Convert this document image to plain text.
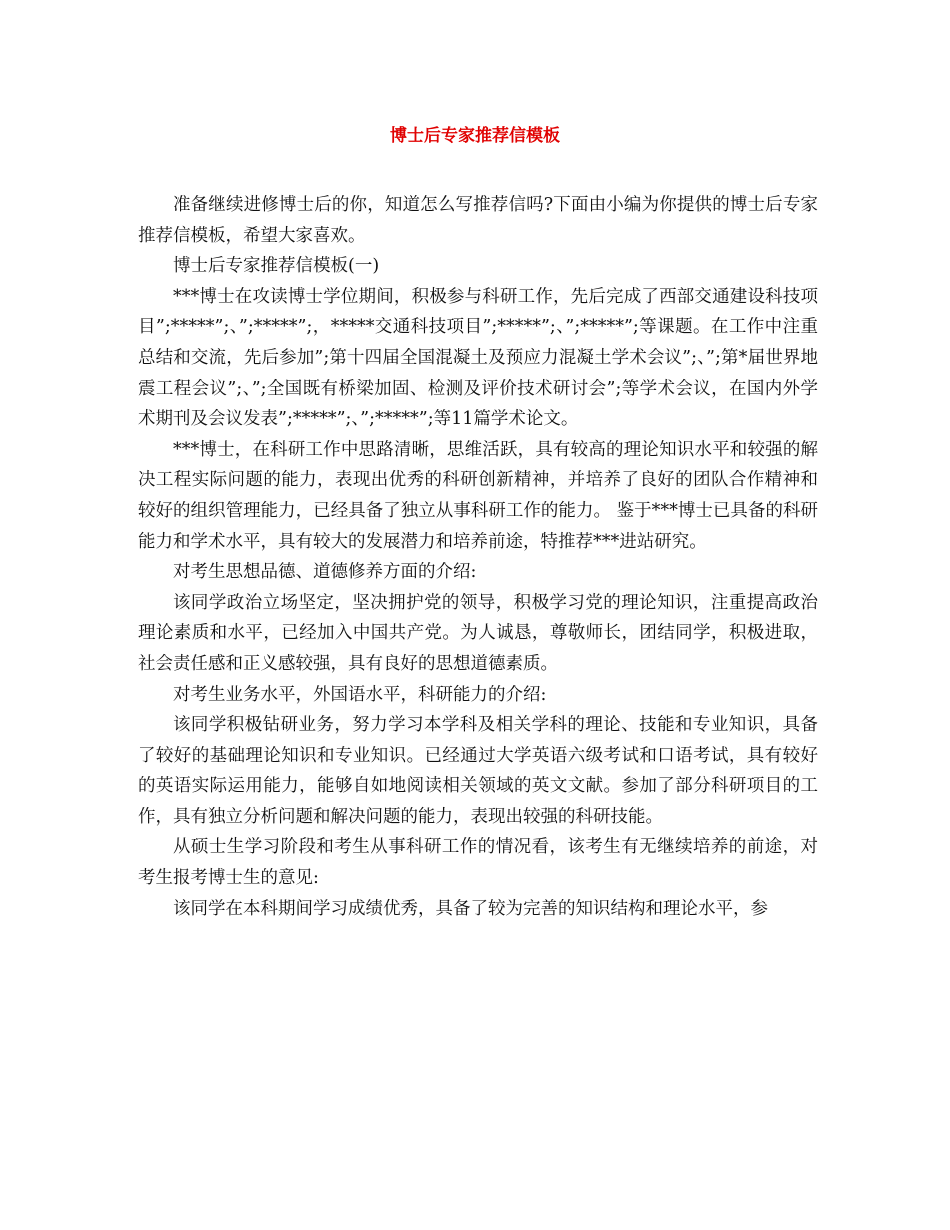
博士后专家推荐信模板

准备继续进修博士后的你，知道怎么写推荐信吗?下面由小编为你提供的博士后专家推荐信模板，希望大家喜欢。

博士后专家推荐信模板(一)

***博士在攻读博士学位期间，积极参与科研工作，先后完成了西部交通建设科技项目”;*****”;、”;*****”;，*****交通科技项目”;*****”;、”;*****”;等课题。在工作中注重总结和交流，先后参加”;第十四届全国混凝土及预应力混凝土学术会议”;、”;第*届世界地震工程会议”;、”;全国既有桥梁加固、检测及评价技术研讨会”;等学术会议，在国内外学术期刊及会议发表”;*****”;、”;*****”;等11篇学术论文。

***博士，在科研工作中思路清晰，思维活跃，具有较高的理论知识水平和较强的解决工程实际问题的能力，表现出优秀的科研创新精神，并培养了良好的团队合作精神和较好的组织管理能力，已经具备了独立从事科研工作的能力。 鉴于***博士已具备的科研能力和学术水平，具有较大的发展潜力和培养前途，特推荐***进站研究。

对考生思想品德、道德修养方面的介绍:

该同学政治立场坚定，坚决拥护党的领导，积极学习党的理论知识，注重提高政治理论素质和水平，已经加入中国共产党。为人诚恳，尊敬师长，团结同学，积极进取，社会责任感和正义感较强，具有良好的思想道德素质。

对考生业务水平，外国语水平，科研能力的介绍:

该同学积极钻研业务，努力学习本学科及相关学科的理论、技能和专业知识，具备了较好的基础理论知识和专业知识。已经通过大学英语六级考试和口语考试，具有较好的英语实际运用能力，能够自如地阅读相关领域的英文文献。参加了部分科研项目的工作，具有独立分析问题和解决问题的能力，表现出较强的科研技能。

从硕士生学习阶段和考生从事科研工作的情况看，该考生有无继续培养的前途，对考生报考博士生的意见:

该同学在本科期间学习成绩优秀，具备了较为完善的知识结构和理论水平，参
